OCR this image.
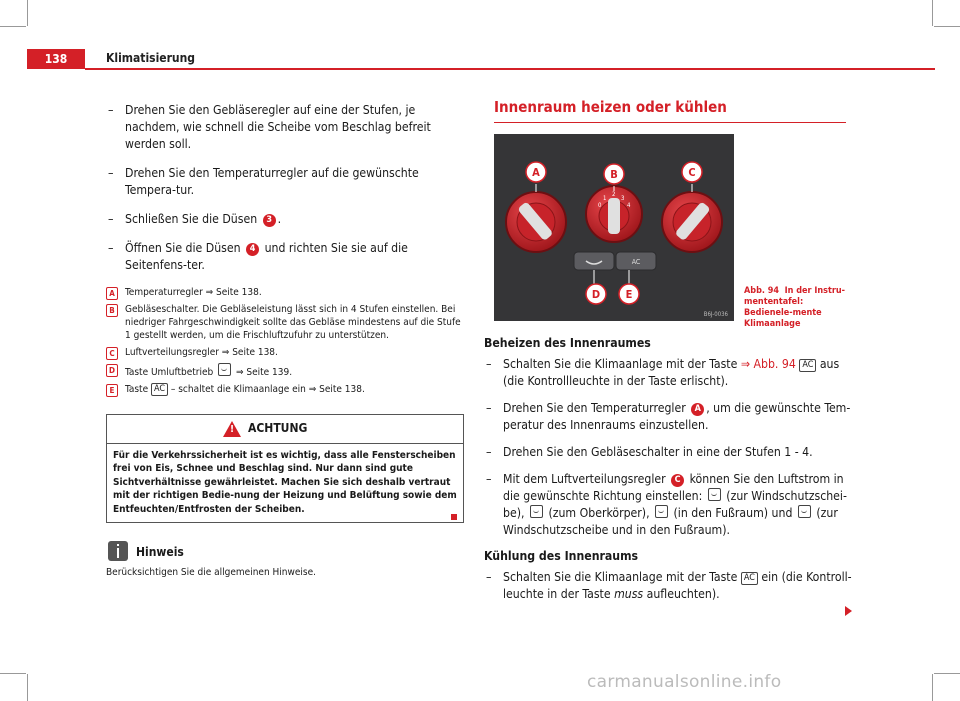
138	Klimatisierung
– Drehen Sie den Gebläseregler auf eine der Stufen, je nachdem, wie schnell die Scheibe vom Beschlag befreit werden soll.
– Drehen Sie den Temperaturregler auf die gewünschte Tempera-tur.
– Schließen Sie die Düsen 3 .
– Öffnen Sie die Düsen 4 und richten Sie sie auf die Seitenfens-ter.
A	Temperaturregler ⇒ Seite 138.
B	Gebläseschalter. Die Gebläseleistung lässt sich in 4 Stufen einstellen. Bei niedriger Fahrgeschwindigkeit sollte das Gebläse mindestens auf die Stufe 1 gestellt werden, um die Frischluftzufuhr zu unterstützen.
C	Luftverteilungsregler ⇒ Seite 138.
D	Taste Umluftbetrieb ⇒ Seite 139.
E	Taste AC – schaltet die Klimaanlage ein ⇒ Seite 138.
! ACHTUNG
Für die Verkehrssicherheit ist es wichtig, dass alle Fensterscheiben frei von Eis, Schnee und Beschlag sind. Nur dann sind gute Sichtverhältnisse gewährleistet. Machen Sie sich deshalb vertraut mit der richtigen Bedie-nung der Heizung und Belüftung sowie dem Entfeuchten/Entfrosten der Scheiben.
Hinweis
Berücksichtigen Sie die allgemeinen Hinweise.
Innenraum heizen oder kühlen
0
1
2
3
4
AC
A	B	C
D E
B6J-0036
Abb. 94 In der Instru-mententafel: Bedienele-mente Klimaanlage
Beheizen des Innenraumes
– Schalten Sie die Klimaanlage mit der Taste ⇒ Abb. 94 AC aus (die Kontrollleuchte in der Taste erlischt).
– Drehen Sie den Temperaturregler A , um die gewünschte Tem-peratur des Innenraums einzustellen.
– Drehen Sie den Gebläseschalter in eine der Stufen 1 - 4.
– Mit dem Luftverteilungsregler C können Sie den Luftstrom in die gewünschte Richtung einstellen: (zur Windschutzschei-be), (zum Oberkörper), (in den Fußraum) und (zur Windschutzscheibe und in den Fußraum).
Kühlung des Innenraums
– Schalten Sie die Klimaanlage mit der Taste AC ein (die Kontroll-leuchte in der Taste muss aufleuchten).
carmanualsonline.info
